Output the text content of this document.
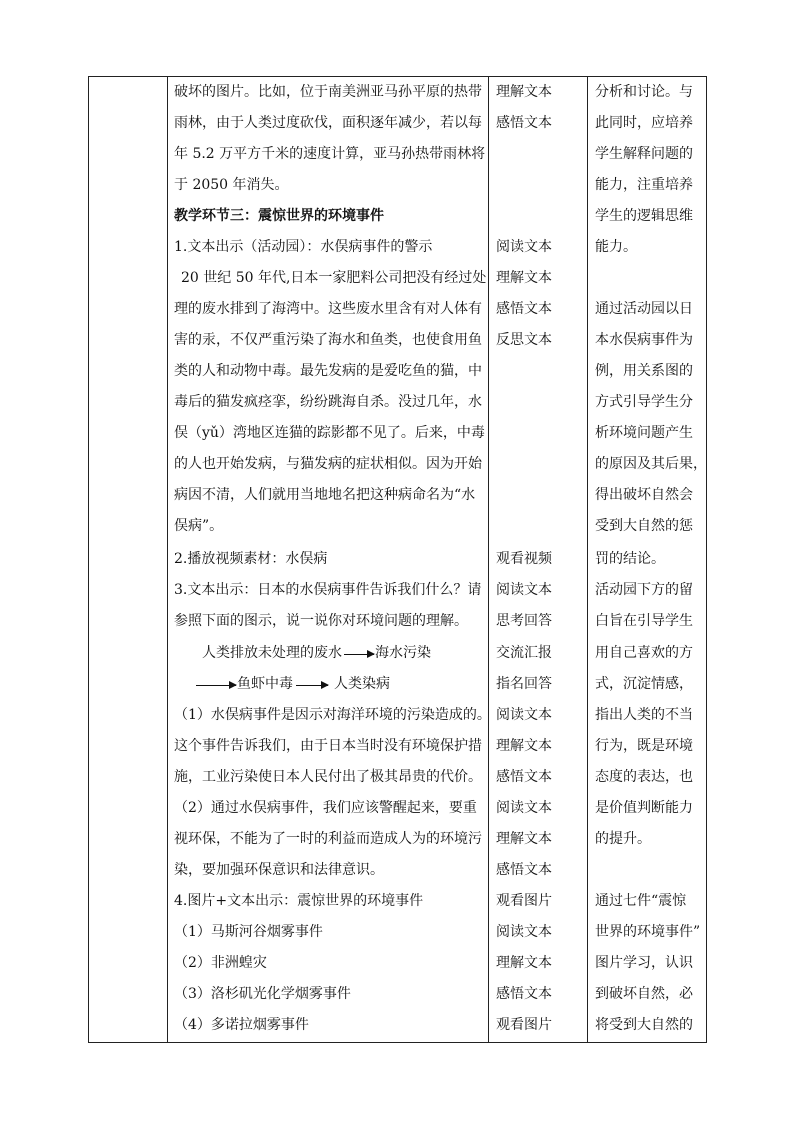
破坏的图片。比如，位于南美洲亚马孙平原的热带
雨林，由于人类过度砍伐，面积逐年减少，若以每
年 5.2 万平方千米的速度计算，亚马孙热带雨林将
于 2050 年消失。
教学环节三：震惊世界的环境事件
1.文本出示（活动园）：水俣病事件的警示
20 世纪 50 年代,日本一家肥料公司把没有经过处
理的废水排到了海湾中。这些废水里含有对人体有
害的汞，不仅严重污染了海水和鱼类，也使食用鱼
类的人和动物中毒。最先发病的是爱吃鱼的猫，中
毒后的猫发疯痉挛，纷纷跳海自杀。没过几年，水
俣（yǔ）湾地区连猫的踪影都不见了。后来，中毒
的人也开始发病，与猫发病的症状相似。因为开始
病因不清，人们就用当地地名把这种病命名为“水
俣病”。
2.播放视频素材：水俣病
3.文本出示：日本的水俣病事件告诉我们什么？请
参照下面的图示，说一说你对环境问题的理解。
人类排放未处理的废水 海水污染
鱼虾中毒	人类染病
（1）水俣病事件是因示对海洋环境的污染造成的。
这个事件告诉我们，由于日本当时没有环境保护措
施，工业污染使日本人民付出了极其昂贵的代价。
（2）通过水俣病事件，我们应该警醒起来，要重
视环保，不能为了一时的利益而造成人为的环境污
染，要加强环保意识和法律意识。
4.图片+文本出示：震惊世界的环境事件
（1）马斯河谷烟雾事件
（2）非洲蝗灾
（3）洛杉矶光化学烟雾事件
（4）多诺拉烟雾事件
理解文本
感悟文本
阅读文本
理解文本
感悟文本
反思文本
观看视频
阅读文本
思考回答
交流汇报
指名回答
阅读文本
理解文本
感悟文本
阅读文本
理解文本
感悟文本
观看图片
阅读文本
理解文本
感悟文本
观看图片
分析和讨论。与
此同时，应培养
学生解释问题的
能力，注重培养
学生的逻辑思维
能力。
通过活动园以日
本水俣病事件为
例，用关系图的
方式引导学生分
析环境问题产生
的原因及其后果，
得出破坏自然会
受到大自然的惩
罚的结论。
活动园下方的留
白旨在引导学生
用自己喜欢的方
式，沉淀情感，
指出人类的不当
行为，既是环境
态度的表达，也
是价值判断能力
的提升。
通过七件“震惊
世界的环境事件”
图片学习，认识
到破坏自然，必
将受到大自然的
